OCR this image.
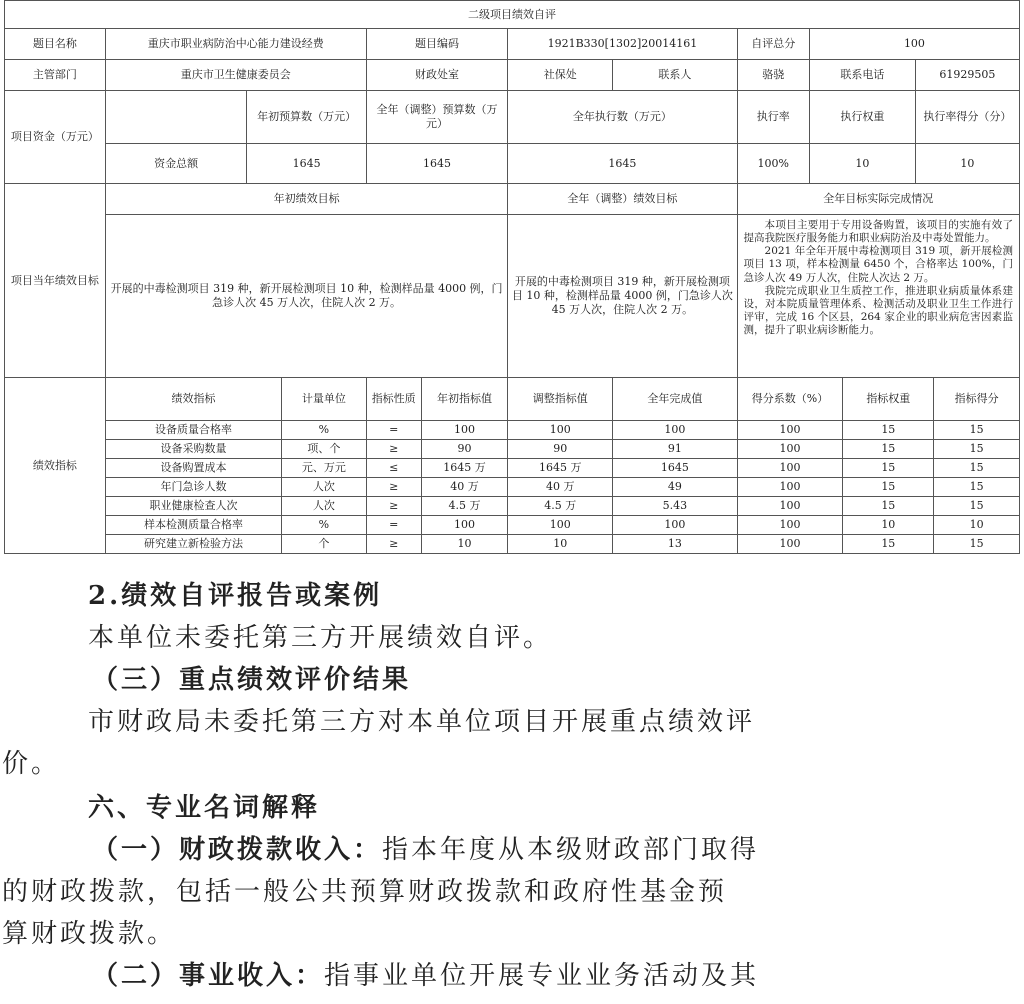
二级项目绩效自评												
题目名称	重庆市职业病防治中心能力建设经费			题目编码		1921B330[1302]20014161		自评总分	100			
主管部门	重庆市卫生健康委员会			财政处室		社保处	联系人	骆骁	联系电话		61929505	
项目资金（万元）		年初预算数（万元）		全年（调整）预算数（万元）		全年执行数（万元）		执行率	执行权重		执行率得分（分）	
	资金总额	1645		1645		1645		100%	10		10	
项目当年绩效目标	年初绩效目标					全年（调整）绩效目标		全年目标实际完成情况				
	开展的中毒检测项目 319 种，新开展检测项目 10 种，检测样品量 4000 例，门急诊人次 45 万人次，住院人次 2 万。					开展的中毒检测项目 319 种，新开展检测项目 10 种，检测样品量 4000 例，门急诊人次 45 万人次，住院人次 2 万。		本项目主要用于专用设备购置，该项目的实施有效了提高我院医疗服务能力和职业病防治及中毒处置能力。
2021 年全年开展中毒检测项目 319 项，新开展检测项目 13 项，样本检测量 6450 个，合格率达 100%，门急诊人次 49 万人次，住院人次达 2 万。
我院完成职业卫生质控工作，推进职业病质量体系建设，对本院质量管理体系、检测活动及职业卫生工作进行评审，完成 16 个区县，264 家企业的职业病危害因素监测，提升了职业病诊断能力。				

绩效指标	绩效指标		计量单位	指标性质	年初指标值	调整指标值	全年完成值	得分系数（%）		指标权重		指标得分
	设备质量合格率		%	=	100	100	100	100		15		15
	设备采购数量		项、个	≥	90	90	91	100		15		15
	设备购置成本		元、万元	≤	1645 万	1645 万	1645	100		15		15
	年门急诊人数		人次	≥	40 万	40 万	49	100		15		15
	职业健康检查人次		人次	≥	4.5 万	4.5 万	5.43	100		15		15
	样本检测质量合格率		%	=	100	100	100	100		10		10
	研究建立新检验方法		个	≥	10	10	13	100		15		15
2.绩效自评报告或案例
本单位未委托第三方开展绩效自评。
（三）重点绩效评价结果
市财政局未委托第三方对本单位项目开展重点绩效评
价。
六、专业名词解释
（一）财政拨款收入：指本年度从本级财政部门取得
的财政拨款，包括一般公共预算财政拨款和政府性基金预
算财政拨款。
（二）事业收入：指事业单位开展专业业务活动及其
